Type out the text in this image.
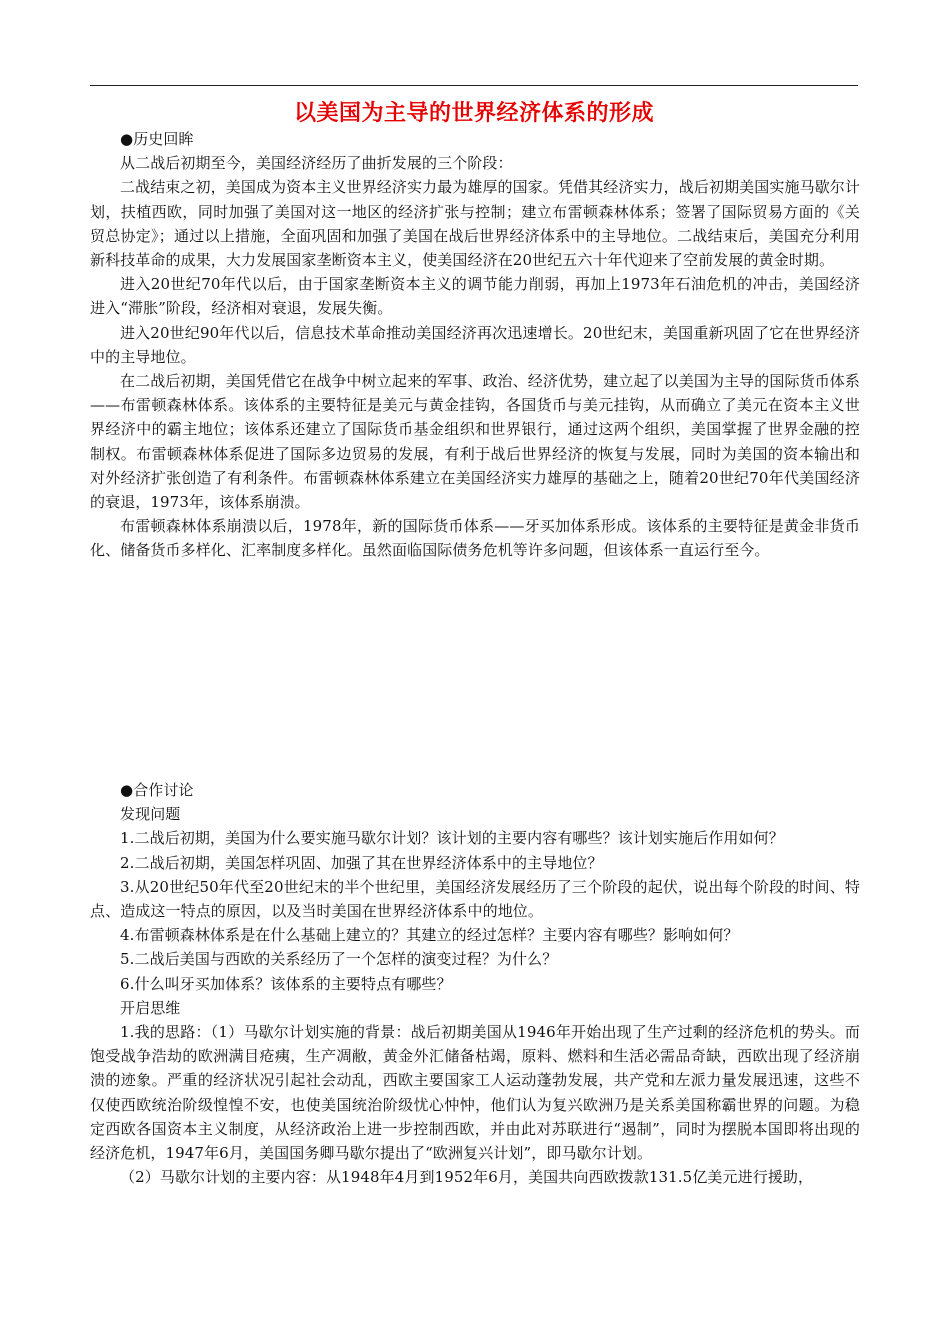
以美国为主导的世界经济体系的形成

●历史回眸

从二战后初期至今，美国经济经历了曲折发展的三个阶段：

二战结束之初，美国成为资本主义世界经济实力最为雄厚的国家。凭借其经济实力，战后初期美国实施马歇尔计划，扶植西欧，同时加强了美国对这一地区的经济扩张与控制；建立布雷顿森林体系；签署了国际贸易方面的《关贸总协定》；通过以上措施，全面巩固和加强了美国在战后世界经济体系中的主导地位。二战结束后，美国充分利用新科技革命的成果，大力发展国家垄断资本主义，使美国经济在20世纪五六十年代迎来了空前发展的黄金时期。

进入20世纪70年代以后，由于国家垄断资本主义的调节能力削弱，再加上1973年石油危机的冲击，美国经济进入“滞胀”阶段，经济相对衰退，发展失衡。

进入20世纪90年代以后，信息技术革命推动美国经济再次迅速增长。20世纪末，美国重新巩固了它在世界经济中的主导地位。

在二战后初期，美国凭借它在战争中树立起来的军事、政治、经济优势，建立起了以美国为主导的国际货币体系——布雷顿森林体系。该体系的主要特征是美元与黄金挂钩，各国货币与美元挂钩，从而确立了美元在资本主义世界经济中的霸主地位；该体系还建立了国际货币基金组织和世界银行，通过这两个组织，美国掌握了世界金融的控制权。布雷顿森林体系促进了国际多边贸易的发展，有利于战后世界经济的恢复与发展，同时为美国的资本输出和对外经济扩张创造了有利条件。布雷顿森林体系建立在美国经济实力雄厚的基础之上，随着20世纪70年代美国经济的衰退，1973年，该体系崩溃。

布雷顿森林体系崩溃以后，1978年，新的国际货币体系——牙买加体系形成。该体系的主要特征是黄金非货币化、储备货币多样化、汇率制度多样化。虽然面临国际债务危机等许多问题，但该体系一直运行至今。

●合作讨论

发现问题

1.二战后初期，美国为什么要实施马歇尔计划？该计划的主要内容有哪些？该计划实施后作用如何？

2.二战后初期，美国怎样巩固、加强了其在世界经济体系中的主导地位？

3.从20世纪50年代至20世纪末的半个世纪里，美国经济发展经历了三个阶段的起伏，说出每个阶段的时间、特点、造成这一特点的原因，以及当时美国在世界经济体系中的地位。

4.布雷顿森林体系是在什么基础上建立的？其建立的经过怎样？主要内容有哪些？影响如何？

5.二战后美国与西欧的关系经历了一个怎样的演变过程？为什么？

6.什么叫牙买加体系？该体系的主要特点有哪些？

开启思维

1.我的思路：（1）马歇尔计划实施的背景：战后初期美国从1946年开始出现了生产过剩的经济危机的势头。而饱受战争浩劫的欧洲满目疮痍，生产凋敝，黄金外汇储备枯竭，原料、燃料和生活必需品奇缺，西欧出现了经济崩溃的迹象。严重的经济状况引起社会动乱，西欧主要国家工人运动蓬勃发展，共产党和左派力量发展迅速，这些不仅使西欧统治阶级惶惶不安，也使美国统治阶级忧心忡忡，他们认为复兴欧洲乃是关系美国称霸世界的问题。为稳定西欧各国资本主义制度，从经济政治上进一步控制西欧，并由此对苏联进行“遏制”，同时为摆脱本国即将出现的经济危机，1947年6月，美国国务卿马歇尔提出了“欧洲复兴计划”，即马歇尔计划。

（2）马歇尔计划的主要内容：从1948年4月到1952年6月，美国共向西欧拨款131.5亿美元进行援助，
